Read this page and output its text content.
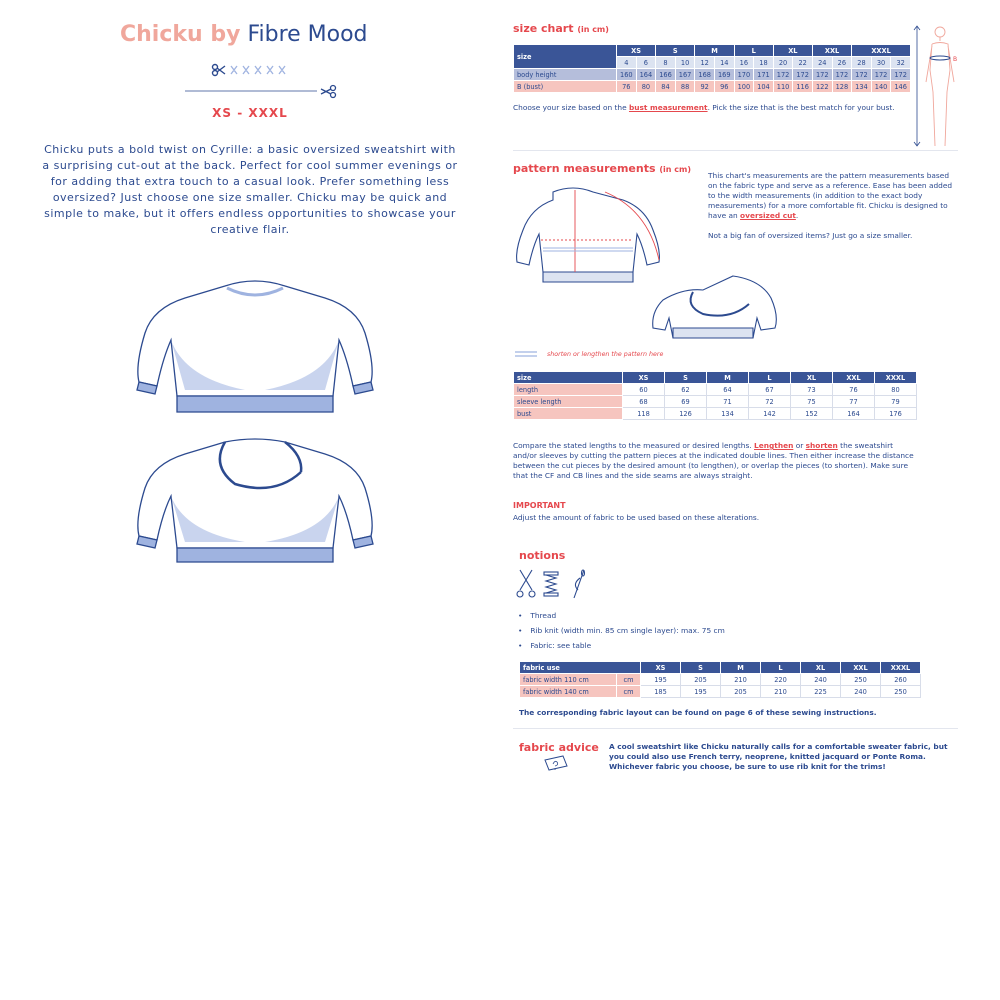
Chicku by Fibre Mood
XS - XXXL
Chicku puts a bold twist on Cyrille: a basic oversized sweatshirt with a surprising cut-out at the back. Perfect for cool summer evenings or for adding that extra touch to a casual look. Prefer something less oversized? Just choose one size smaller. Chicku may be quick and simple to make, but it offers endless opportunities to showcase your creative flair.
size chart (in cm)
size	XS		S		M		L		XL		XXL		XXXL		
	4	6	8	10	12	14	16	18	20	22	24	26	28	30	32
body height	160	164	166	167	168	169	170	171	172	172	172	172	172	172	172
B (bust)	76	80	84	88	92	96	100	104	110	116	122	128	134	140	146
Choose your size based on the bust measurement. Pick the size that is the best match for your bust.
B
pattern measurements (in cm)
This chart's measurements are the pattern measurements based on the fabric type and serve as a reference. Ease has been added to the width measurements (in addition to the exact body measurements) for a more comfortable fit. Chicku is designed to have an oversized cut.

Not a big fan of oversized items? Just go a size smaller.
shorten or lengthen the pattern here
size	XS	S	M	L	XL	XXL	XXXL
length	60	62	64	67	73	76	80
sleeve length	68	69	71	72	75	77	79
bust	118	126	134	142	152	164	176
Compare the stated lengths to the measured or desired lengths. Lengthen or shorten the sweatshirt and/or sleeves by cutting the pattern pieces at the indicated double lines. Then either increase the distance between the cut pieces by the desired amount (to lengthen), or overlap the pieces (to shorten). Make sure that the CF and CB lines and the side seams are always straight.
IMPORTANT
Adjust the amount of fabric to be used based on these alterations.
notions
• Thread
• Rib knit (width min. 85 cm single layer): max. 75 cm
• Fabric: see table
fabric use		XS	S	M	L	XL	XXL	XXXL
fabric width 110 cm	cm	195	205	210	220	240	250	260
fabric width 140 cm	cm	185	195	205	210	225	240	250
The corresponding fabric layout can be found on page 6 of these sewing instructions.
fabric advice A cool sweatshirt like Chicku naturally calls for a comfortable sweater fabric, but you could also use French terry, neoprene, knitted jacquard or Ponte Roma. Whichever fabric you choose, be sure to use rib knit for the trims!
